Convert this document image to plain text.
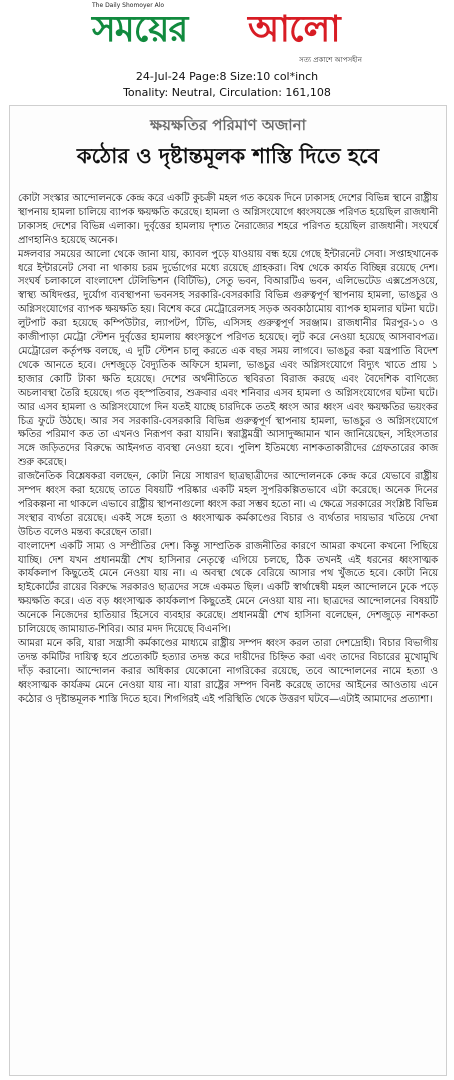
The Daily Shomoyer Alo
সময়ের আলো
সত্য প্রকাশে আপসহীন
24-Jul-24 Page:8 Size:10 col*inch
Tonality: Neutral, Circulation: 161,108
ক্ষয়ক্ষতির পরিমাণ অজানা
কঠোর ও দৃষ্টান্তমূলক শাস্তি দিতে হবে

কোটা সংস্কার আন্দোলনকে কেন্দ্র করে একটি কুচক্রী মহল গত কয়েক দিনে ঢাকাসহ দেশের বিভিন্ন স্থানে রাষ্ট্রীয় স্থাপনায় হামলা চালিয়ে ব্যাপক ক্ষয়ক্ষতি করেছে। হামলা ও অগ্নিসংযোগে ধ্বংসযজ্ঞে পরিণত হয়েছিল রাজধানী ঢাকাসহ দেশের বিভিন্ন এলাকা। দুর্বৃত্তের হামলায় দৃশ্যত নৈরাজ্যের শহরে পরিণত হয়েছিল রাজধানী। সংঘর্ষে প্রাণহানিও হয়েছে অনেক।

মঙ্গলবার সময়ের আলো থেকে জানা যায়, ক্যাবল পুড়ে যাওয়ায় বন্ধ হয়ে গেছে ইন্টারনেট সেবা। সপ্তাহখানেক ধরে ইন্টারনেট সেবা না থাকায় চরম দুর্ভোগের মধ্যে রয়েছে গ্রাহকরা। বিশ্ব থেকে কার্যত বিচ্ছিন্ন রয়েছে দেশ। সংঘর্ষ চলাকালে বাংলাদেশ টেলিভিশন (বিটিভি), সেতু ভবন, বিআরটিএ ভবন, এলিভেটেড এক্সপ্রেসওয়ে, স্বাস্থ্য অধিদপ্তর, দুর্যোগ ব্যবস্থাপনা ভবনসহ সরকারি-বেসরকারি বিভিন্ন গুরুত্বপূর্ণ স্থাপনায় হামলা, ভাঙচুর ও অগ্নিসংযোগের ব্যাপক ক্ষয়ক্ষতি হয়। বিশেষ করে মেট্রোরেলসহ সড়ক অবকাঠামোয় ব্যাপক হামলার ঘটনা ঘটে। লুটপাট করা হয়েছে কম্পিউটার, ল্যাপটপ, টিভি, এসিসহ গুরুত্বপূর্ণ সরঞ্জাম। রাজধানীর মিরপুর-১০ ও কাজীপাড়া মেট্রো স্টেশন দুর্বৃত্তের হামলায় ধ্বংসস্তূপে পরিণত হয়েছে। লুট করে নেওয়া হয়েছে আসবাবপত্র। মেট্রোরেল কর্তৃপক্ষ বলছে, এ দুটি স্টেশন চালু করতে এক বছর সময় লাগবে। ভাঙচুর করা যন্ত্রপাতি বিদেশ থেকে আনতে হবে। দেশজুড়ে বৈদ্যুতিক অফিসে হামলা, ভাঙচুর এবং অগ্নিসংযোগে বিদ্যুৎ খাতে প্রায় ১ হাজার কোটি টাকা ক্ষতি হয়েছে। দেশের অর্থনীতিতে স্থবিরতা বিরাজ করছে এবং বৈদেশিক বাণিজ্যে অচলাবস্থা তৈরি হয়েছে। গত বৃহস্পতিবার, শুক্রবার এবং শনিবার এসব হামলা ও অগ্নিসংযোগের ঘটনা ঘটে। আর এসব হামলা ও অগ্নিসংযোগে দিন যতই যাচ্ছে চারদিকে ততই ধ্বংস আর ধ্বংস এবং ক্ষয়ক্ষতির ভয়ংকর চিত্র ফুটে উঠছে। আর সব সরকারি-বেসরকারি বিভিন্ন গুরুত্বপূর্ণ স্থাপনায় হামলা, ভাঙচুর ও অগ্নিসংযোগে ক্ষতির পরিমাণ কত তা এখনও নিরূপণ করা যায়নি। স্বরাষ্ট্রমন্ত্রী আসাদুজ্জামান খান জানিয়েছেন, সহিংসতার সঙ্গে জড়িতদের বিরুদ্ধে আইনগত ব্যবস্থা নেওয়া হবে। পুলিশ ইতিমধ্যে নাশকতাকারীদের গ্রেফতারের কাজ শুরু করেছে।

রাজনৈতিক বিশ্লেষকরা বলছেন, কোটা নিয়ে সাধারণ ছাত্রছাত্রীদের আন্দোলনকে কেন্দ্র করে যেভাবে রাষ্ট্রীয় সম্পদ ধ্বংস করা হয়েছে তাতে বিষয়টি পরিষ্কার একটি মহল সুপরিকল্পিতভাবে এটা করেছে। অনেক দিনের পরিকল্পনা না থাকলে এভাবে রাষ্ট্রীয় স্থাপনাগুলো ধ্বংস করা সম্ভব হতো না। এ ক্ষেত্রে সরকারের সংশ্লিষ্ট বিভিন্ন সংস্থার ব্যর্থতা রয়েছে। একই সঙ্গে হত্যা ও ধ্বংসাত্মক কর্মকাণ্ডের বিচার ও ব্যর্থতার দায়ভার খতিয়ে দেখা উচিত বলেও মন্তব্য করেছেন তারা।

বাংলাদেশ একটি সাম্য ও সম্প্রীতির দেশ। কিন্তু সাম্প্রতিক রাজনীতির কারণে আমরা কখনো কখনো পিছিয়ে যাচ্ছি। দেশ যখন প্রধানমন্ত্রী শেখ হাসিনার নেতৃত্বে এগিয়ে চলছে, ঠিক তখনই এই ধরনের ধ্বংসাত্মক কার্যকলাপ কিছুতেই মেনে নেওয়া যায় না। এ অবস্থা থেকে বেরিয়ে আসার পথ খুঁজতে হবে। কোটা নিয়ে হাইকোর্টের রায়ের বিরুদ্ধে সরকারও ছাত্রদের সঙ্গে একমত ছিল। একটি স্বার্থান্বেষী মহল আন্দোলনে ঢুকে পড়ে ক্ষয়ক্ষতি করে। এত বড় ধ্বংসাত্মক কার্যকলাপ কিছুতেই মেনে নেওয়া যায় না। ছাত্রদের আন্দোলনের বিষয়টি অনেকে নিজেদের হাতিয়ার হিসেবে ব্যবহার করেছে। প্রধানমন্ত্রী শেখ হাসিনা বলেছেন, দেশজুড়ে নাশকতা চালিয়েছে জামায়াত-শিবির। আর মদদ দিয়েছে বিএনপি।

আমরা মনে করি, যারা সন্ত্রাসী কর্মকাণ্ডের মাধ্যমে রাষ্ট্রীয় সম্পদ ধ্বংস করল তারা দেশদ্রোহী। বিচার বিভাগীয় তদন্ত কমিটির দায়িত্ব হবে প্রত্যেকটি হত্যার তদন্ত করে দায়ীদের চিহ্নিত করা এবং তাদের বিচারের মুখোমুখি দাঁড় করানো। আন্দোলন করার অধিকার যেকোনো নাগরিকের রয়েছে, তবে আন্দোলনের নামে হত্যা ও ধ্বংসাত্মক কার্যক্রম মেনে নেওয়া যায় না। যারা রাষ্ট্রের সম্পদ বিনষ্ট করেছে তাদের আইনের আওতায় এনে কঠোর ও দৃষ্টান্তমূলক শাস্তি দিতে হবে। শিগগিরই এই পরিস্থিতি থেকে উত্তরণ ঘটবে—এটাই আমাদের প্রত্যাশা।
